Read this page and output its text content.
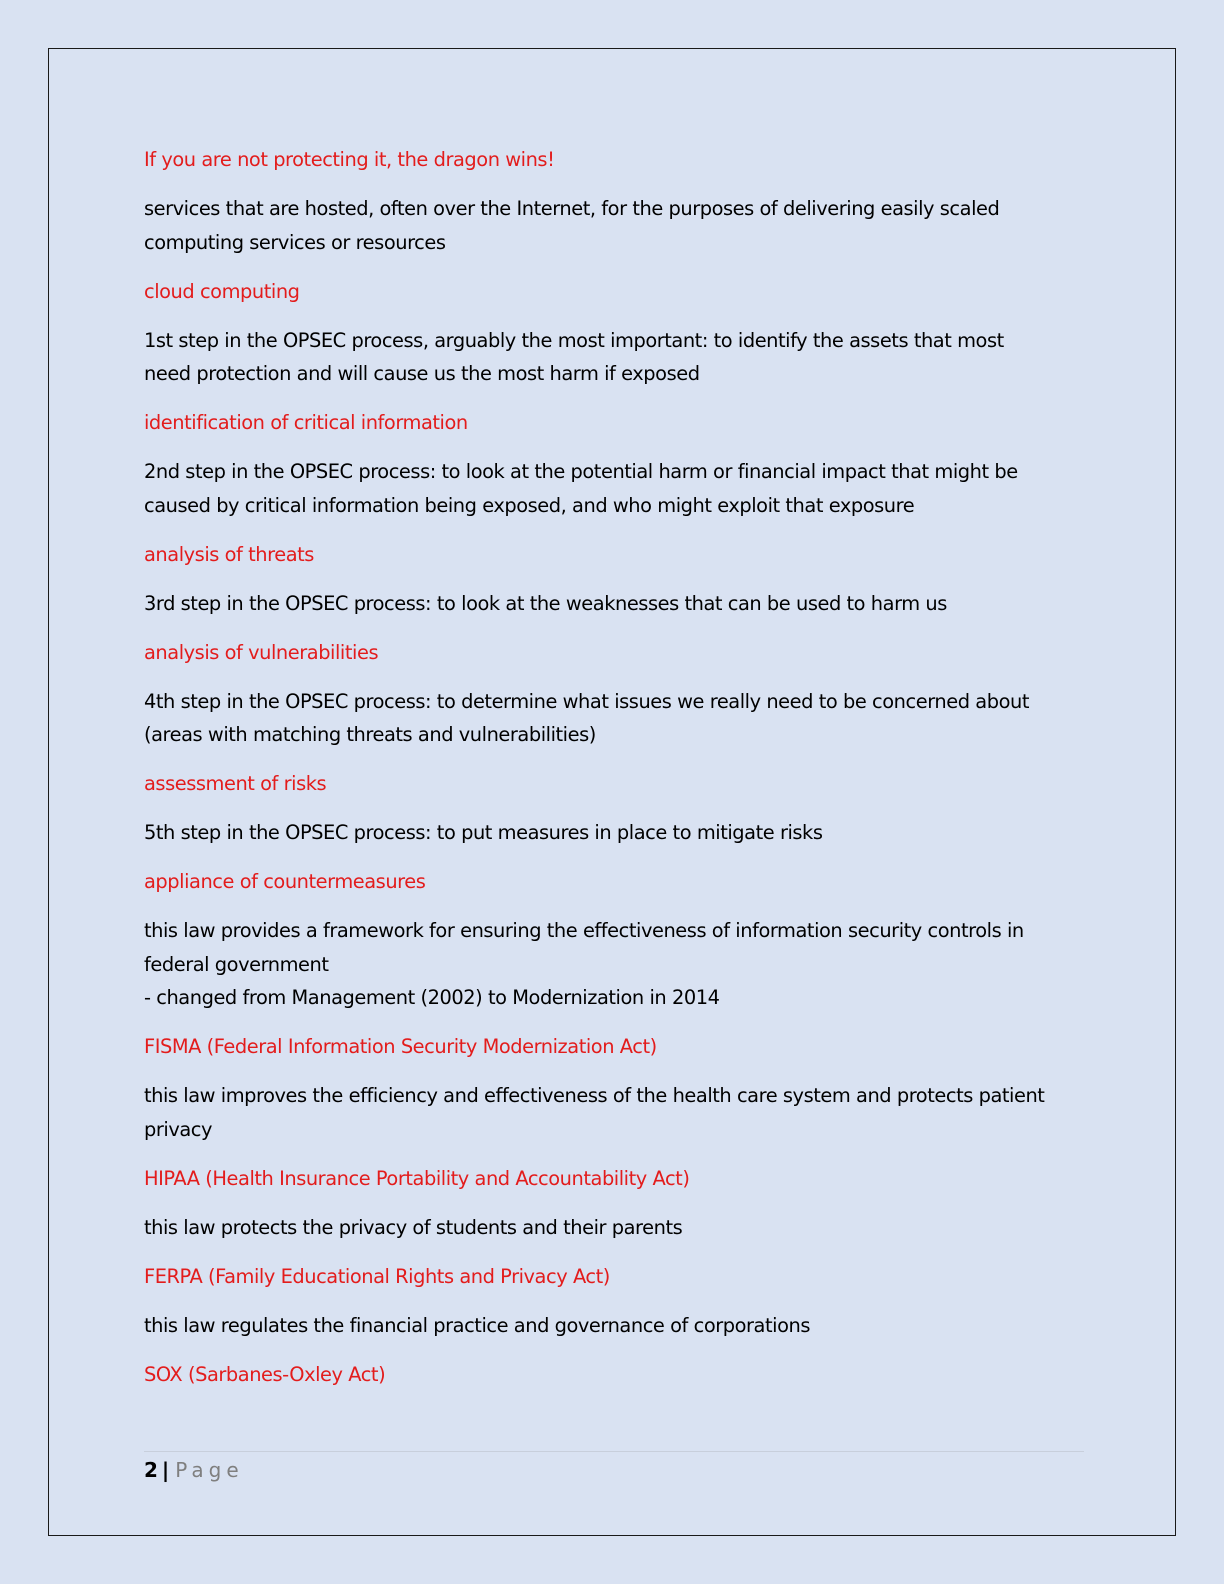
If you are not protecting it, the dragon wins!

services that are hosted, often over the Internet, for the purposes of delivering easily scaled
computing services or resources

cloud computing

1st step in the OPSEC process, arguably the most important: to identify the assets that most
need protection and will cause us the most harm if exposed

identification of critical information

2nd step in the OPSEC process: to look at the potential harm or financial impact that might be
caused by critical information being exposed, and who might exploit that exposure

analysis of threats

3rd step in the OPSEC process: to look at the weaknesses that can be used to harm us

analysis of vulnerabilities

4th step in the OPSEC process: to determine what issues we really need to be concerned about
(areas with matching threats and vulnerabilities)

assessment of risks

5th step in the OPSEC process: to put measures in place to mitigate risks

appliance of countermeasures

this law provides a framework for ensuring the effectiveness of information security controls in
federal government
- changed from Management (2002) to Modernization in 2014

FISMA (Federal Information Security Modernization Act)

this law improves the efficiency and effectiveness of the health care system and protects patient
privacy

HIPAA (Health Insurance Portability and Accountability Act)

this law protects the privacy of students and their parents

FERPA (Family Educational Rights and Privacy Act)

this law regulates the financial practice and governance of corporations

SOX (Sarbanes-Oxley Act)

2 | Page
